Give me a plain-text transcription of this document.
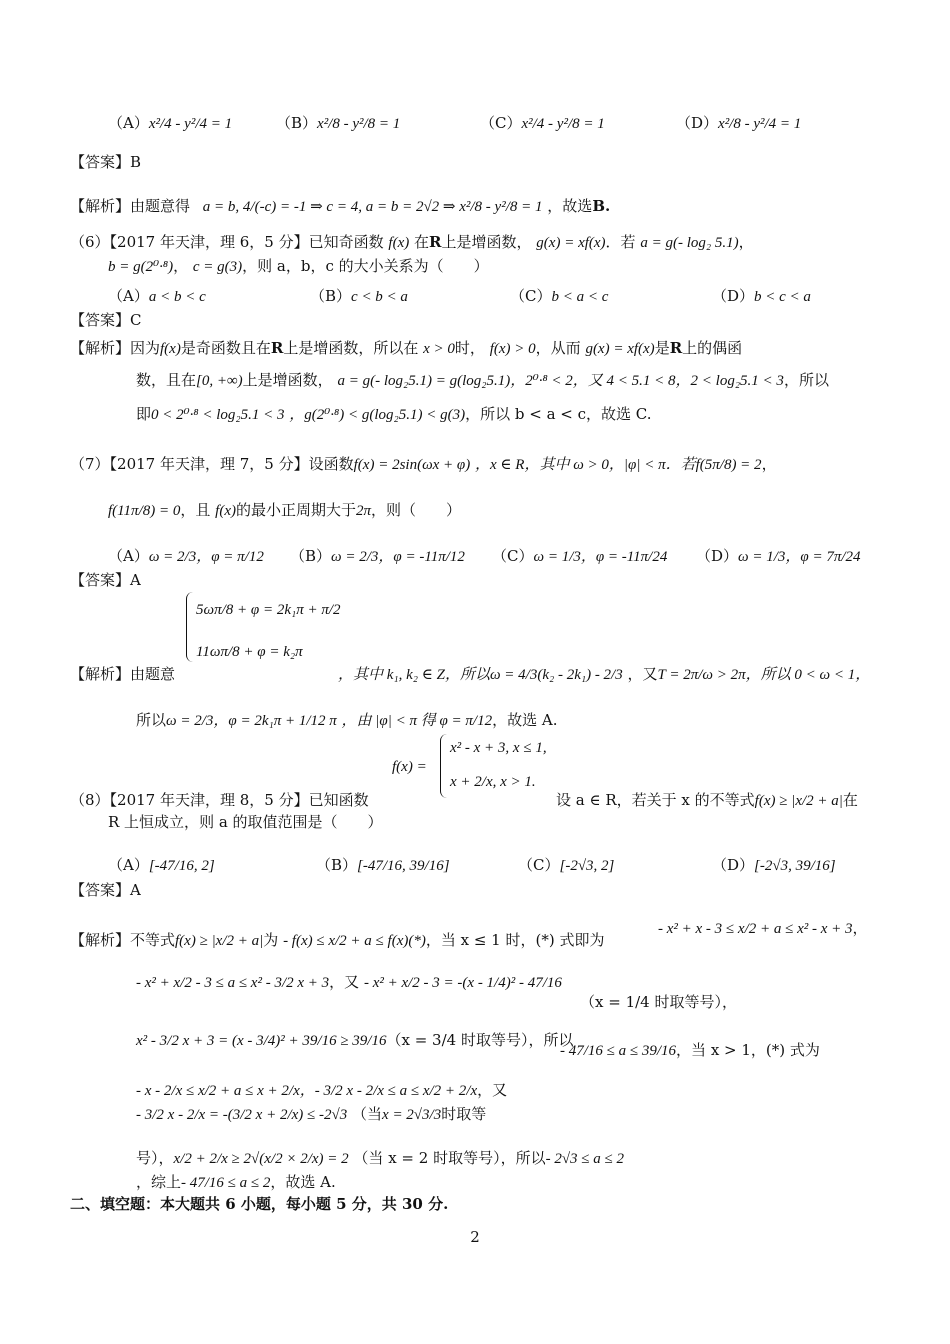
（A）x²/4 - y²/4 = 1	（B）x²/8 - y²/8 = 1	（C）x²/4 - y²/8 = 1	（D）x²/8 - y²/4 = 1
【答案】B
【解析】由题意得 a = b, 4/(-c) = -1 ⇒ c = 4, a = b = 2√2 ⇒ x²/8 - y²/8 = 1 ，故选B.
（6）【2017 年天津，理 6，5 分】已知奇函数 f(x) 在R上是增函数， g(x) = xf(x)．若 a = g(- log₂ 5.1)，
b = g(2⁰·⁸)， c = g(3)，则 a，b，c 的大小关系为（　　）
（A）a < b < c	（B）c < b < a	（C）b < a < c	（D）b < c < a
【答案】C
【解析】因为f(x)是奇函数且在R上是增函数，所以在 x > 0时， f(x) > 0，从而 g(x) = xf(x)是R上的偶函
数，且在[0, +∞)上是增函数， a = g(- log₂5.1) = g(log₂5.1)，2⁰·⁸ < 2，又 4 < 5.1 < 8，2 < log₂5.1 < 3，所以
即0 < 2⁰·⁸ < log₂5.1 < 3 ，g(2⁰·⁸) < g(log₂5.1) < g(3)，所以 b < a < c，故选 C.
（7）【2017 年天津，理 7，5 分】设函数f(x) = 2sin(ωx + φ) ，x ∈ R，其中 ω > 0，|φ| < π．若f(5π/8) = 2，
f(11π/8) = 0，且 f(x)的最小正周期大于2π，则（　　）
（A）ω = 2/3，φ = π/12 （B）ω = 2/3，φ = -11π/12 （C）ω = 1/3，φ = -11π/24 （D）ω = 1/3，φ = 7π/24
【答案】A
5ωπ/8 + φ = 2k₁π + π/2
11ωπ/8 + φ = k₂π
【解析】由题意	，其中 k₁, k₂ ∈ Z，所以ω = 4/3(k₂ - 2k₁) - 2/3 ，又T = 2π/ω > 2π，所以 0 < ω < 1，
所以ω = 2/3，φ = 2k₁π + 1/12 π ，由 |φ| < π 得 φ = π/12，故选 A.
f(x) =
x² - x + 3, x ≤ 1,
x + 2/x, x > 1.
（8）【2017 年天津，理 8，5 分】已知函数	设 a ∈ R，若关于 x 的不等式f(x) ≥ |x/2 + a|在
R 上恒成立，则 a 的取值范围是（　　）
（A）[-47/16, 2]	（B）[-47/16, 39/16]	（C）[-2√3, 2]	（D）[-2√3, 39/16]
【答案】A
【解析】不等式f(x) ≥ |x/2 + a|为 - f(x) ≤ x/2 + a ≤ f(x)(*)，当 x ≤ 1 时，(*) 式即为
- x² + x - 3 ≤ x/2 + a ≤ x² - x + 3，
- x² + x/2 - 3 ≤ a ≤ x² - 3/2 x + 3，又 - x² + x/2 - 3 = -(x - 1/4)² - 47/16
（x = 1/4 时取等号），
x² - 3/2 x + 3 = (x - 3/4)² + 39/16 ≥ 39/16（x = 3/4 时取等号），所以
- 47/16 ≤ a ≤ 39/16，当 x > 1，(*) 式为
- x - 2/x ≤ x/2 + a ≤ x + 2/x，- 3/2 x - 2/x ≤ a ≤ x/2 + 2/x，又
- 3/2 x - 2/x = -(3/2 x + 2/x) ≤ -2√3 （当x = 2√3/3时取等
号），x/2 + 2/x ≥ 2√(x/2 × 2/x) = 2 （当 x = 2 时取等号），所以- 2√3 ≤ a ≤ 2
，综上- 47/16 ≤ a ≤ 2，故选 A.
二、填空题：本大题共 6 小题，每小题 5 分，共 30 分.
2
